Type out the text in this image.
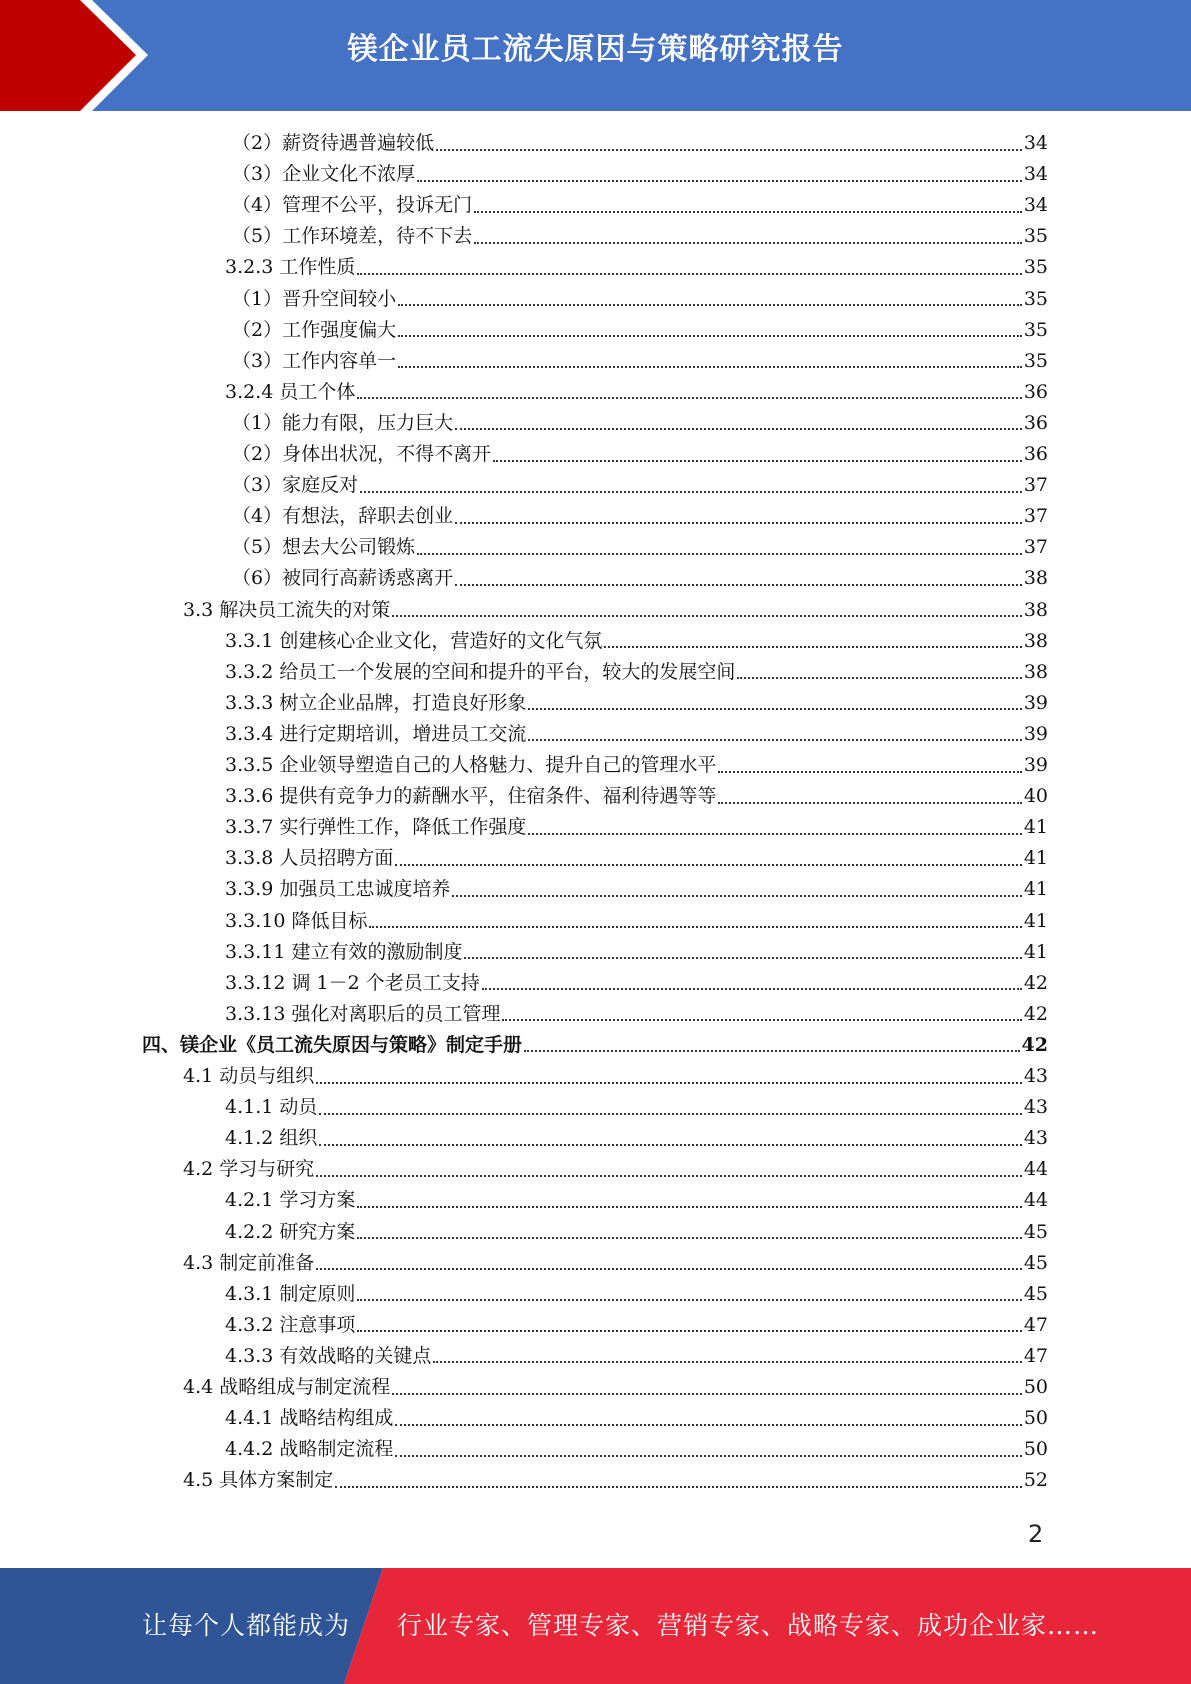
镁企业员工流失原因与策略研究报告
（2）薪资待遇普遍较低	34
（3）企业文化不浓厚	34
（4）管理不公平，投诉无门	34
（5）工作环境差，待不下去	35
3.2.3 工作性质	35
（1）晋升空间较小	35
（2）工作强度偏大	35
（3）工作内容单一	35
3.2.4 员工个体	36
（1）能力有限，压力巨大	36
（2）身体出状况，不得不离开	36
（3）家庭反对	37
（4）有想法，辞职去创业	37
（5）想去大公司锻炼	37
（6）被同行高薪诱惑离开	38
3.3 解决员工流失的对策	38
3.3.1 创建核心企业文化，营造好的文化气氛	38
3.3.2 给员工一个发展的空间和提升的平台，较大的发展空间	38
3.3.3 树立企业品牌，打造良好形象	39
3.3.4 进行定期培训，增进员工交流	39
3.3.5 企业领导塑造自己的人格魅力、提升自己的管理水平	39
3.3.6 提供有竞争力的薪酬水平，住宿条件、福利待遇等等	40
3.3.7 实行弹性工作，降低工作强度	41
3.3.8 人员招聘方面	41
3.3.9 加强员工忠诚度培养	41
3.3.10 降低目标	41
3.3.11 建立有效的激励制度	41
3.3.12 调 1－2 个老员工支持	42
3.3.13 强化对离职后的员工管理	42
四、镁企业《员工流失原因与策略》制定手册	42
4.1 动员与组织	43
4.1.1 动员	43
4.1.2 组织	43
4.2 学习与研究	44
4.2.1 学习方案	44
4.2.2 研究方案	45
4.3 制定前准备	45
4.3.1 制定原则	45
4.3.2 注意事项	47
4.3.3 有效战略的关键点	47
4.4 战略组成与制定流程	50
4.4.1 战略结构组成	50
4.4.2 战略制定流程	50
4.5 具体方案制定	52
2
让每个人都能成为 行业专家、管理专家、营销专家、战略专家、成功企业家……
